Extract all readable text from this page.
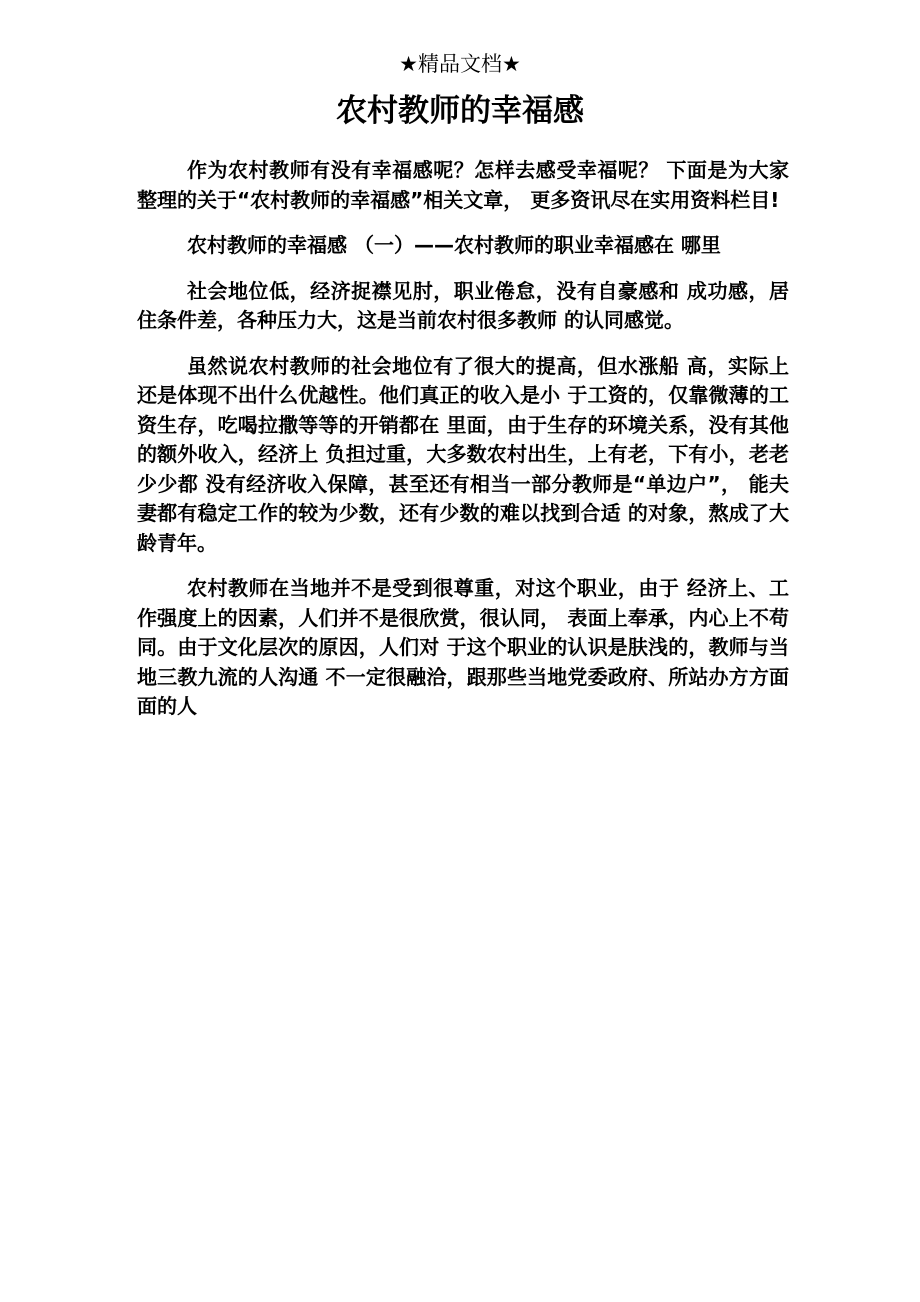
★精品文档★
农村教师的幸福感

作为农村教师有没有幸福感呢？怎样去感受幸福呢？ 下面是为大家整理的关于“农村教师的幸福感”相关文章， 更多资讯尽在实用资料栏目!

农村教师的幸福感 （一）——农村教师的职业幸福感在 哪里

社会地位低，经济捉襟见肘，职业倦怠，没有自豪感和 成功感，居住条件差，各种压力大，这是当前农村很多教师 的认同感觉。

虽然说农村教师的社会地位有了很大的提高，但水涨船 高，实际上还是体现不出什么优越性。他们真正的收入是小 于工资的，仅靠微薄的工资生存，吃喝拉撒等等的开销都在 里面，由于生存的环境关系，没有其他的额外收入，经济上 负担过重，大多数农村出生，上有老，下有小，老老少少都 没有经济收入保障，甚至还有相当一部分教师是“单边户”， 能夫妻都有稳定工作的较为少数，还有少数的难以找到合适 的对象，熬成了大龄青年。

农村教师在当地并不是受到很尊重，对这个职业，由于 经济上、工作强度上的因素，人们并不是很欣赏，很认同， 表面上奉承，内心上不苟同。由于文化层次的原因，人们对 于这个职业的认识是肤浅的，教师与当地三教九流的人沟通 不一定很融洽，跟那些当地党委政府、所站办方方面面的人
